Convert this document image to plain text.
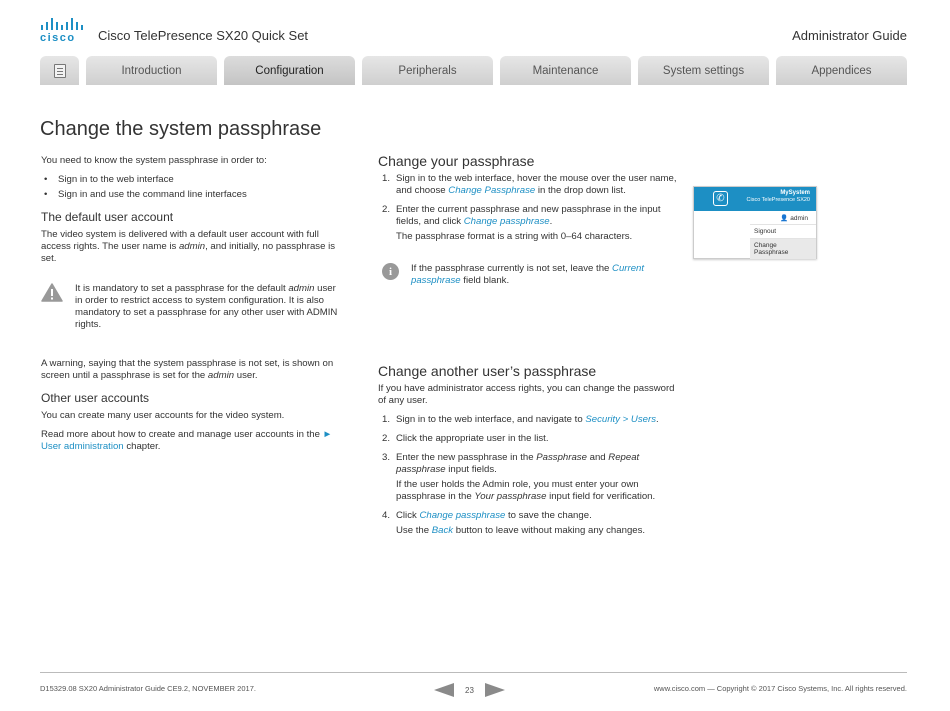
cisco	Cisco TelePresence SX20 Quick Set	Administrator Guide
Introduction	Configuration	Peripherals	Maintenance	System settings	Appendices
Change the system passphrase

You need to know the system passphrase in order to:

• Sign in to the web interface
• Sign in and use the command line interfaces
The default user account

The video system is delivered with a default user account with full access rights. The user name is admin, and initially, no passphrase is set.

It is mandatory to set a passphrase for the default admin user in order to restrict access to system configuration. It is also mandatory to set a passphrase for any other user with ADMIN rights.

A warning, saying that the system passphrase is not set, is shown on screen until a passphrase is set for the admin user.

Other user accounts

You can create many user accounts for the video system.

Read more about how to create and manage user accounts in the ► User administration chapter.

Change your passphrase
1. Sign in to the web interface, hover the mouse over the user name, and choose Change Passphrase in the drop down list.
2. Enter the current passphrase and new passphrase in the input fields, and click Change passphrase.

The passphrase format is a string with 0–64 characters.

i	If the passphrase currently is not set, leave the Current passphrase field blank.
Change another user’s passphrase

If you have administrator access rights, you can change the password of any user.

1. Sign in to the web interface, and navigate to Security > Users.
2. Click the appropriate user in the list.
3. Enter the new passphrase in the Passphrase and Repeat passphrase input fields.

If the user holds the Admin role, you must enter your own passphrase in the Your passphrase input field for verification.

4. Click Change passphrase to save the change.

Use the Back button to leave without making any changes.

✆	MySystem
Cisco TelePresence SX20
👤 admin
Signout
Change Passphrase
D15329.08 SX20 Administrator Guide CE9.2, NOVEMBER 2017.	23	www.cisco.com — Copyright © 2017 Cisco Systems, Inc. All rights reserved.
